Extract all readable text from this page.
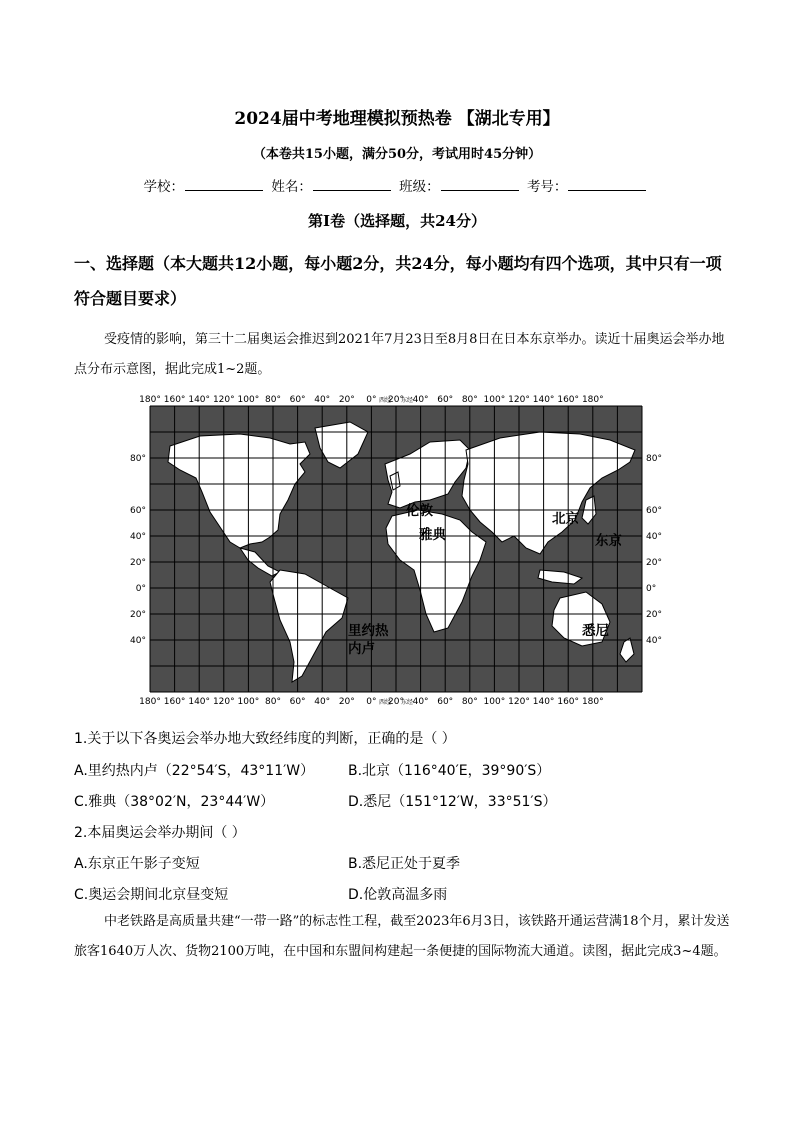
2024届中考地理模拟预热卷 【湖北专用】
（本卷共15小题，满分50分，考试用时45分钟）
学校：	姓名：	班级：	考号：
第I卷（选择题，共24分）
一、选择题（本大题共12小题，每小题2分，共24分，每小题均有四个选项，其中只有一项符合题目要求）
受疫情的影响，第三十二届奥运会推迟到2021年7月23日至8月8日在日本东京举办。读近十届奥运会举办地点分布示意图，据此完成1~2题。
180° 160° 140° 120° 100° 80° 60° 40° 20° 0° 20° 40° 60° 80° 100° 120° 140° 160° 180°
西经 东经
180° 160° 140° 120° 100° 80° 60° 40° 20° 0° 20° 40° 60° 80° 100° 120° 140° 160° 180°
西经 东经
80°
60°
40°
20°
0°
20°
40°
80°
60°
40°
20°
0°
20°
40°
伦敦
雅典
北京
东京
里约热
内卢
悉尼
1.关于以下各奥运会举办地大致经纬度的判断，正确的是（ ）
A.里约热内卢（22°54′S，43°11′W） B.北京（116°40′E，39°90′S）
C.雅典（38°02′N，23°44′W）	D.悉尼（151°12′W，33°51′S）
2.本届奥运会举办期间（ ）
A.东京正午影子变短	B.悉尼正处于夏季
C.奥运会期间北京昼变短	D.伦敦高温多雨
中老铁路是高质量共建“一带一路”的标志性工程，截至2023年6月3日，该铁路开通运营满18个月，累计发送旅客1640万人次、货物2100万吨，在中国和东盟间构建起一条便捷的国际物流大通道。读图，据此完成3~4题。
